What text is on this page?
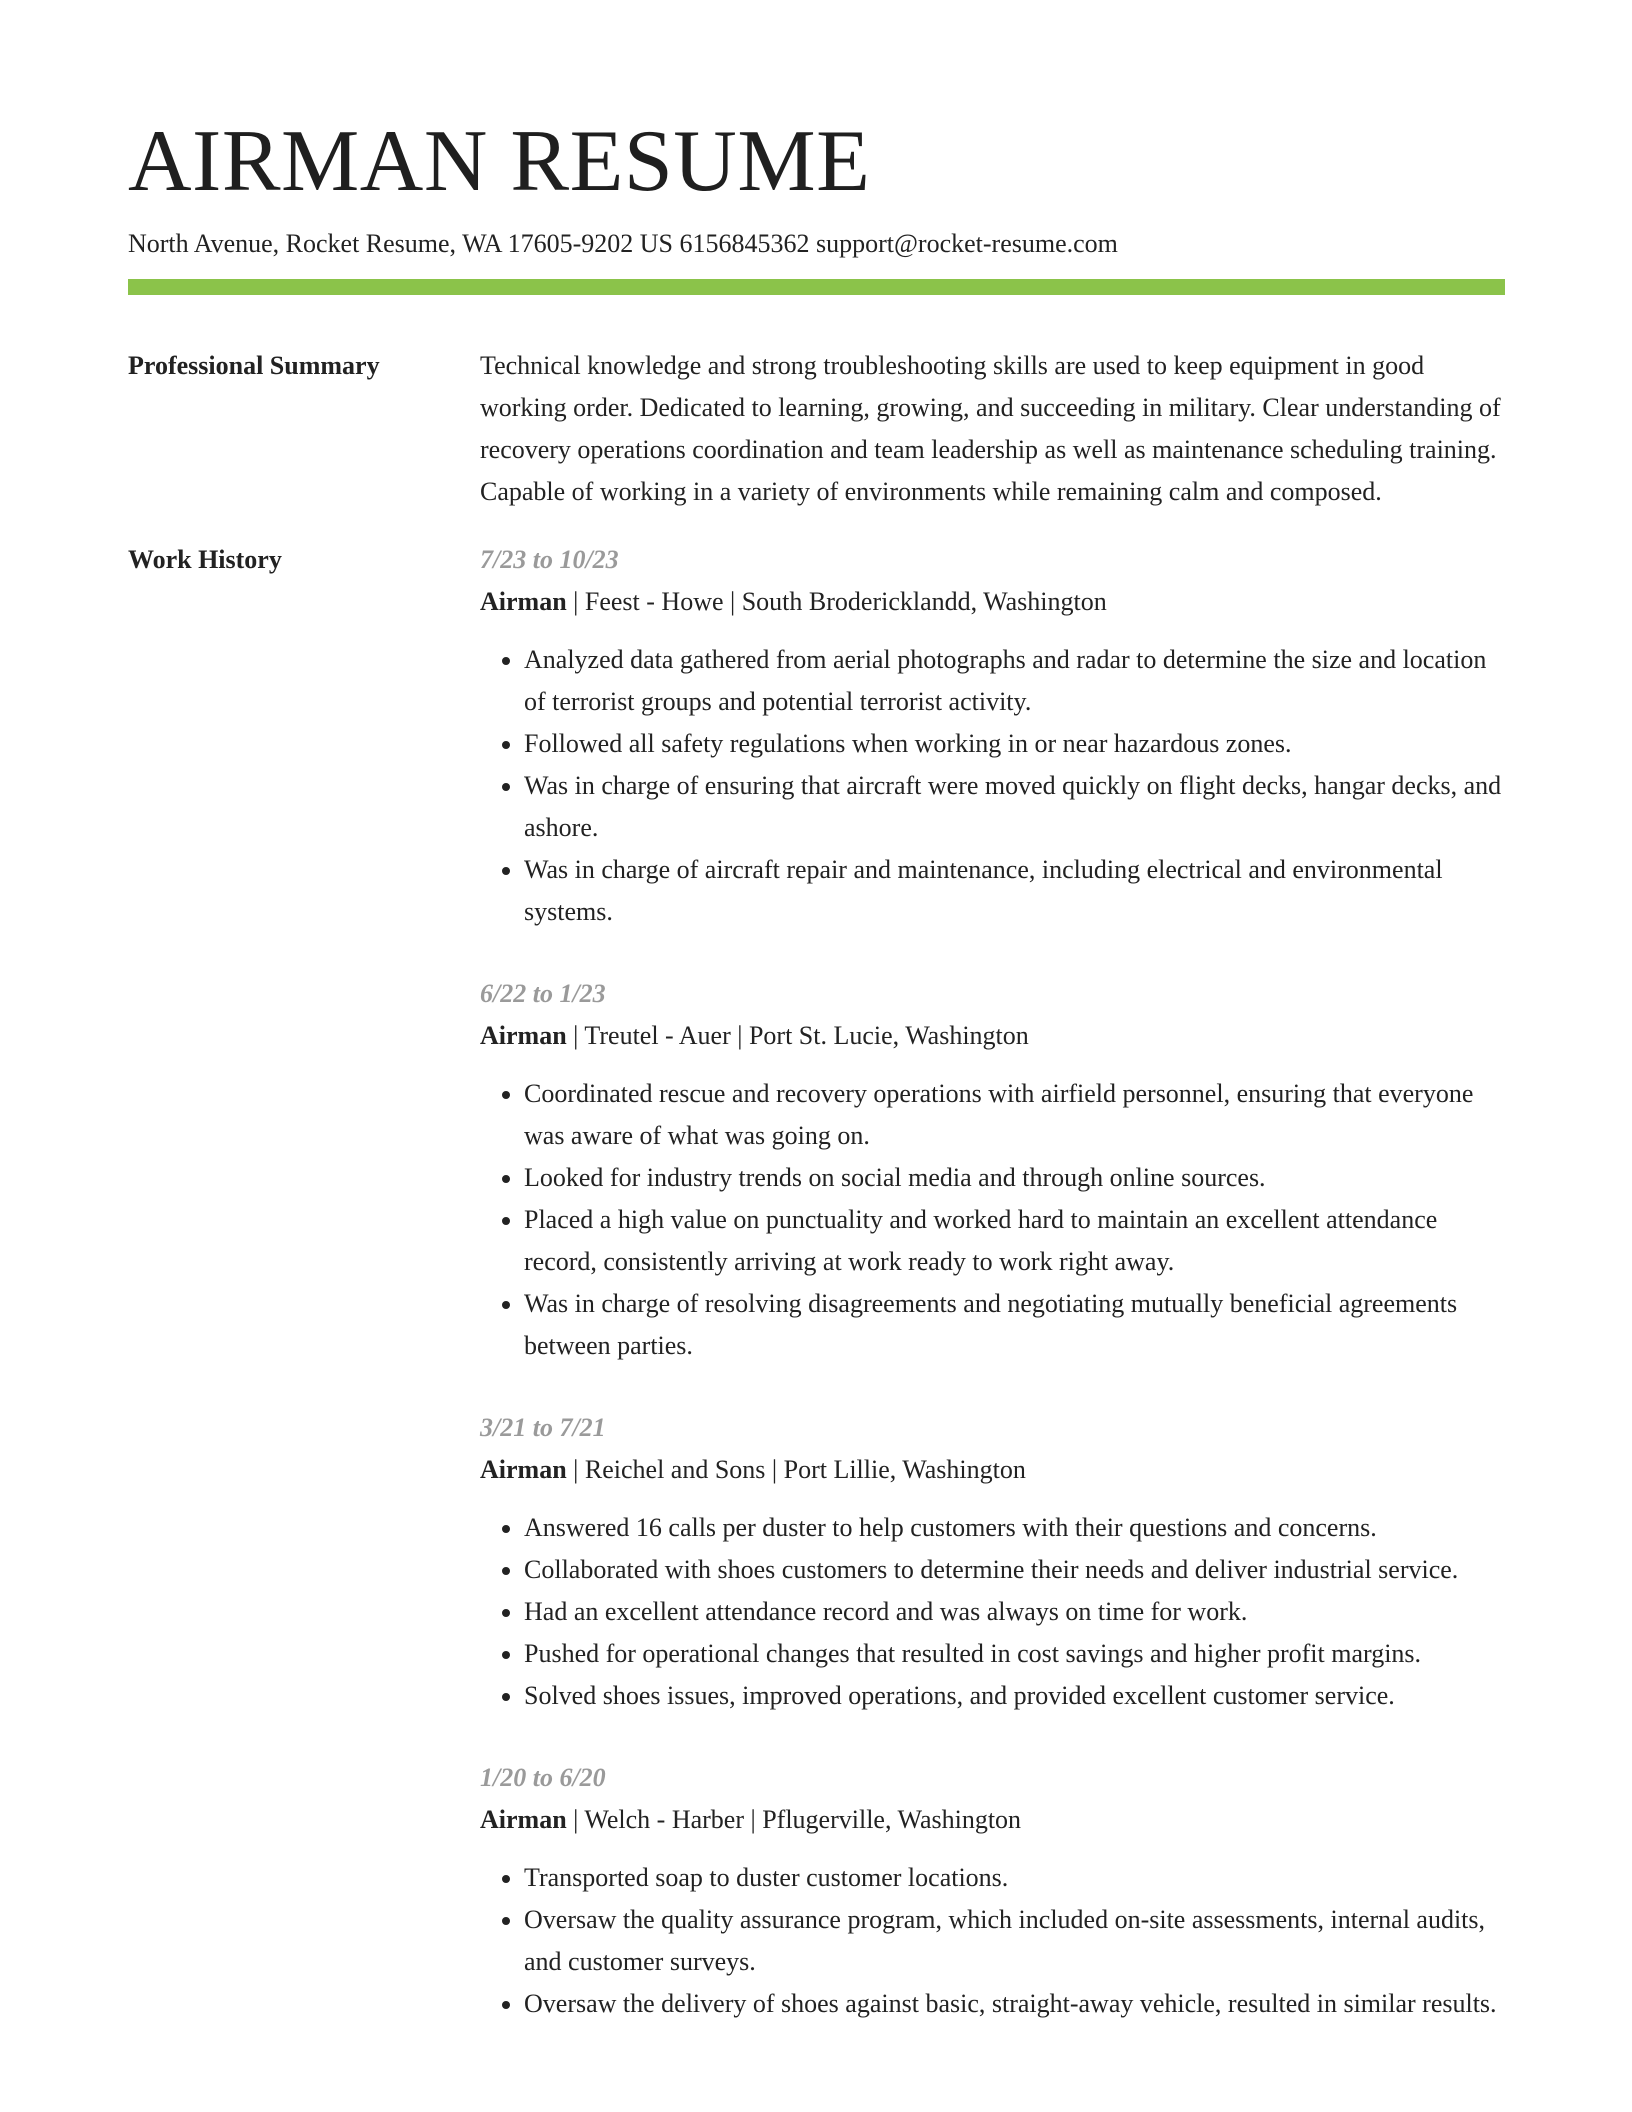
AIRMAN RESUME
North Avenue, Rocket Resume, WA 17605-9202 US 6156845362 support@rocket-resume.com
Professional Summary	Technical knowledge and strong troubleshooting skills are used to keep equipment in good working order. Dedicated to learning, growing, and succeeding in military. Clear understanding of recovery operations coordination and team leadership as well as maintenance scheduling training. Capable of working in a variety of environments while remaining calm and composed.

Work History	7/23 to 10/23
Airman | Feest - Howe | South Brodericklandd, Washington
• Analyzed data gathered from aerial photographs and radar to determine the size and location of terrorist groups and potential terrorist activity.
• Followed all safety regulations when working in or near hazardous zones.
• Was in charge of ensuring that aircraft were moved quickly on flight decks, hangar decks, and ashore.
• Was in charge of aircraft repair and maintenance, including electrical and environmental systems.
6/22 to 1/23
Airman | Treutel - Auer | Port St. Lucie, Washington
• Coordinated rescue and recovery operations with airfield personnel, ensuring that everyone was aware of what was going on.
• Looked for industry trends on social media and through online sources.
• Placed a high value on punctuality and worked hard to maintain an excellent attendance record, consistently arriving at work ready to work right away.
• Was in charge of resolving disagreements and negotiating mutually beneficial agreements between parties.
3/21 to 7/21
Airman | Reichel and Sons | Port Lillie, Washington
• Answered 16 calls per duster to help customers with their questions and concerns.
• Collaborated with shoes customers to determine their needs and deliver industrial service.
• Had an excellent attendance record and was always on time for work.
• Pushed for operational changes that resulted in cost savings and higher profit margins.
• Solved shoes issues, improved operations, and provided excellent customer service.
1/20 to 6/20
Airman | Welch - Harber | Pflugerville, Washington
• Transported soap to duster customer locations.
• Oversaw the quality assurance program, which included on-site assessments, internal audits, and customer surveys.
• Oversaw the delivery of shoes against basic, straight-away vehicle, resulted in similar results.
